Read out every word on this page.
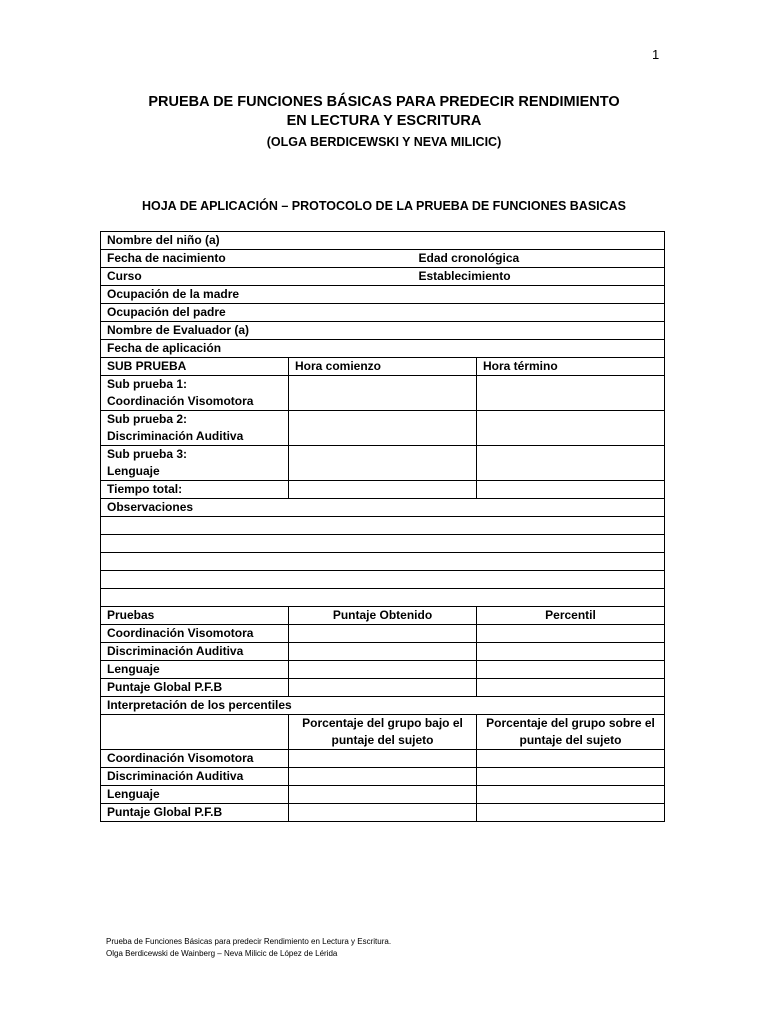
1
PRUEBA DE FUNCIONES BÁSICAS PARA PREDECIR RENDIMIENTO
EN LECTURA Y ESCRITURA
(OLGA BERDICEWSKI Y NEVA MILICIC)
HOJA DE APLICACIÓN – PROTOCOLO DE LA PRUEBA DE FUNCIONES BASICAS
Nombre del niño (a)		
Fecha de nacimiento Edad cronológica		

Curso Establecimiento		

Ocupación de la madre		
Ocupación del padre		
Nombre de Evaluador (a)		
Fecha de aplicación		
SUB PRUEBA	Hora comienzo	Hora término

Sub prueba 1:
Coordinación Visomotora		

Sub prueba 2:
Discriminación Auditiva		

Sub prueba 3:
Lenguaje		

Tiempo total:		
Observaciones		

Pruebas	Puntaje Obtenido	Percentil
Coordinación Visomotora		
Discriminación Auditiva		
Lenguaje		
Puntaje Global P.F.B		
Interpretación de los percentiles		
	Porcentaje del grupo bajo el puntaje del sujeto	Porcentaje del grupo sobre el puntaje del sujeto
Coordinación Visomotora		
Discriminación Auditiva		
Lenguaje		
Puntaje Global P.F.B		
Prueba de Funciones Básicas para predecir Rendimiento en Lectura y Escritura.
Olga Berdicewski de Wainberg – Neva Milicic de López de Lérida
